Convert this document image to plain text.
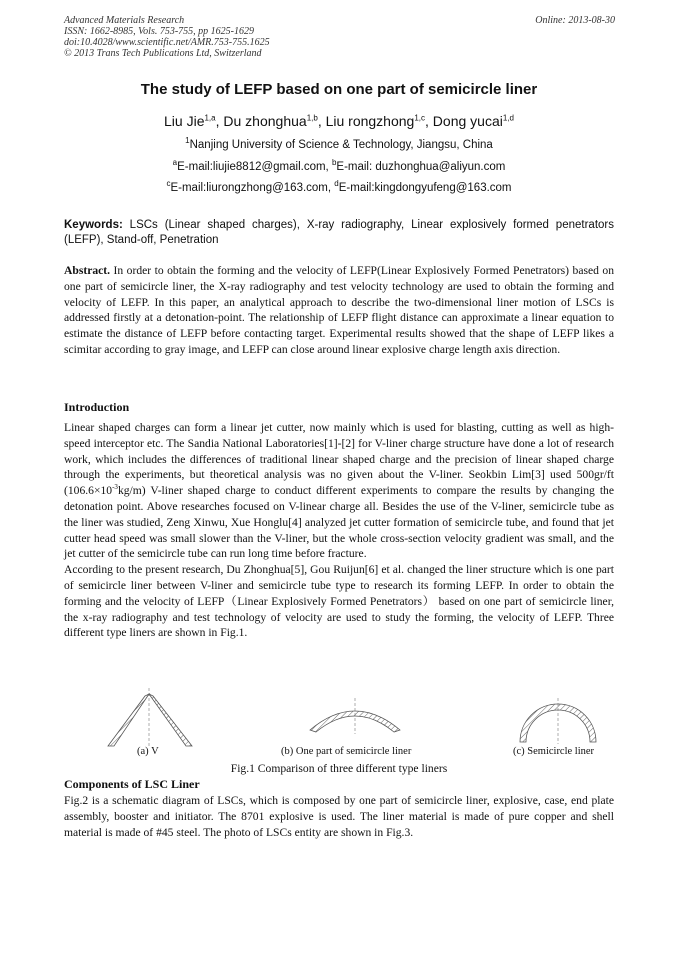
Advanced Materials Research
ISSN: 1662-8985, Vols. 753-755, pp 1625-1629
doi:10.4028/www.scientific.net/AMR.753-755.1625
© 2013 Trans Tech Publications Ltd, Switzerland
Online: 2013-08-30
The study of LEFP based on one part of semicircle liner
Liu Jie$^{1,a}$, Du zhonghua$^{1,b}$, Liu rongzhong$^{1,c}$, Dong yucai$^{1,d}$
$^1$Nanjing University of Science & Technology, Jiangsu, China
$^a$E-mail:liujie8812@gmail.com, $^b$E-mail: duzhonghua@aliyun.com
$^c$E-mail:liurongzhong@163.com, $^d$E-mail:kingdongyufeng@163.com
Keywords: LSCs (Linear shaped charges), X-ray radiography, Linear explosively formed penetrators (LEFP), Stand-off, Penetration
Abstract. In order to obtain the forming and the velocity of LEFP(Linear Explosively Formed Penetrators) based on one part of semicircle liner, the X-ray radiography and test velocity technology are used to obtain the forming and velocity of LEFP. In this paper, an analytical approach to describe the two-dimensional liner motion of LSCs is addressed firstly at a detonation-point. The relationship of LEFP flight distance can approximate a linear equation to estimate the distance of LEFP before contacting target. Experimental results showed that the shape of LEFP likes a scimitar according to gray image, and LEFP can close around linear explosive charge length axis direction.
Introduction
Linear shaped charges can form a linear jet cutter, now mainly which is used for blasting, cutting as well as high-speed interceptor etc. The Sandia National Laboratories[1]-[2] for V-liner charge structure have done a lot of research work, which includes the differences of traditional linear shaped charge and the precision of linear shaped charge through the experiments, but theoretical analysis was no given about the V-liner. Seokbin Lim[3] used 500gr/ft $(106.6\times 10^{-3}kg/m)$ V-liner shaped charge to conduct different experiments to compare the results by changing the detonation point. Above researches focused on V-linear charge all. Besides the use of the V-liner, semicircle tube as the liner was studied, Zeng Xinwu, Xue Honglu[4] analyzed jet cutter formation of semicircle tube, and found that jet cutter head speed was small slower than the V-liner, but the whole cross-section velocity gradient was small, and the jet cutter of the semicircle tube can run long time before fracture.
According to the present research, Du Zhonghua[5], Gou Ruijun[6] et al. changed the liner structure which is one part of semicircle liner between V-liner and semicircle tube type to research its forming LEFP. In order to obtain the forming and the velocity of LEFP（Linear Explosively Formed Penetrators） based on one part of semicircle liner, the x-ray radiography and test technology of velocity are used to study the forming, the velocity of LEFP. Three different type liners are shown in Fig.1.
(a) V	(b) One part of semicircle liner	(c) Semicircle liner
Fig.1 Comparison of three different type liners
Components of LSC Liner
Fig.2 is a schematic diagram of LSCs, which is composed by one part of semicircle liner, explosive, case, end plate assembly, booster and initiator. The 8701 explosive is used. The liner material is made of pure copper and shell material is made of #45 steel. The photo of LSCs entity are shown in Fig.3.
